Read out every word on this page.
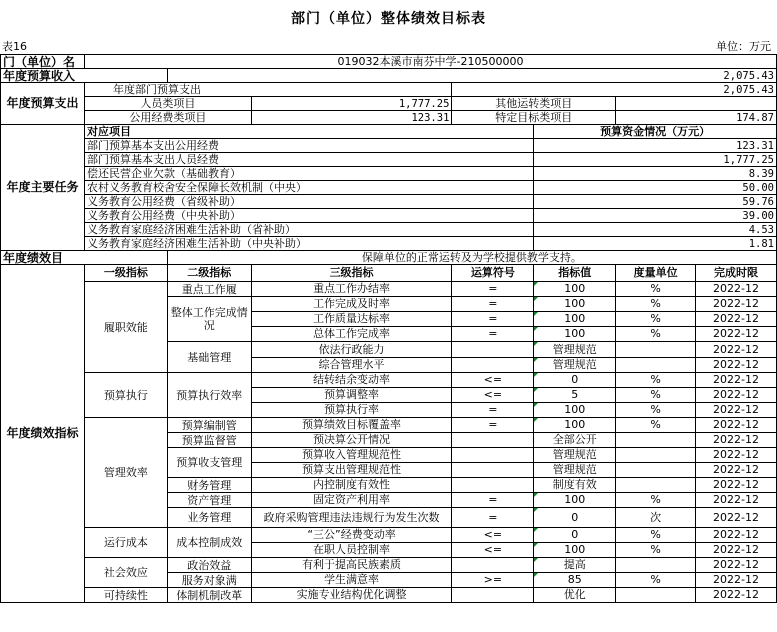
部门（单位）整体绩效目标表
表16	单位：万元
门（单位）名	019032本溪市南芬中学-210500000						
年度预算收入		2,075.43					
年度预算支出	年度部门预算支出			2,075.43			
	人员类项目		1,777.25	其他运转类项目			
	公用经费类项目		123.31	特定目标类项目		174.87	
年度主要任务	对应项目				预算资金情况（万元）		
	部门预算基本支出公用经费				123.31		
	部门预算基本支出人员经费				1,777.25		
	偿还民营企业欠款（基础教育）				8.39		
	农村义务教育校舍安全保障长效机制（中央）				50.00		
	义务教育公用经费（省级补助）				59.76		
	义务教育公用经费（中央补助）				39.00		
	义务教育家庭经济困难生活补助（省补助）				4.53		
	义务教育家庭经济困难生活补助（中央补助）				1.81		
年度绩效目		保障单位的正常运转及为学校提供教学支持。					
年度绩效指标	一级指标	二级指标	三级指标	运算符号	指标值	度量单位	完成时限
	履职效能	重点工作履	重点工作办结率	=	100	%	2022-12
		整体工作完成情况	工作完成及时率	=	100	%	2022-12
			工作质量达标率	=	100	%	2022-12
			总体工作完成率	=	100	%	2022-12
		基础管理	依法行政能力		管理规范		2022-12
			综合管理水平		管理规范		2022-12
	预算执行	预算执行效率	结转结余变动率	<=	0	%	2022-12
			预算调整率	<=	5	%	2022-12
			预算执行率	=	100	%	2022-12
	管理效率	预算编制管	预算绩效目标覆盖率	=	100	%	2022-12
		预算监督管	预决算公开情况		全部公开		2022-12
		预算收支管理	预算收入管理规范性		管理规范		2022-12
			预算支出管理规范性		管理规范		2022-12
		财务管理	内控制度有效性		制度有效		2022-12
		资产管理	固定资产利用率	=	100	%	2022-12
		业务管理	政府采购管理违法违规行为发生次数	=	0	次	2022-12
	运行成本	成本控制成效	“三公”经费变动率	<=	0	%	2022-12
			在职人员控制率	<=	100	%	2022-12
	社会效应	政治效益	有利于提高民族素质		提高		2022-12
		服务对象满	学生满意率	>=	85	%	2022-12
	可持续性	体制机制改革	实施专业结构优化调整		优化		2022-12
